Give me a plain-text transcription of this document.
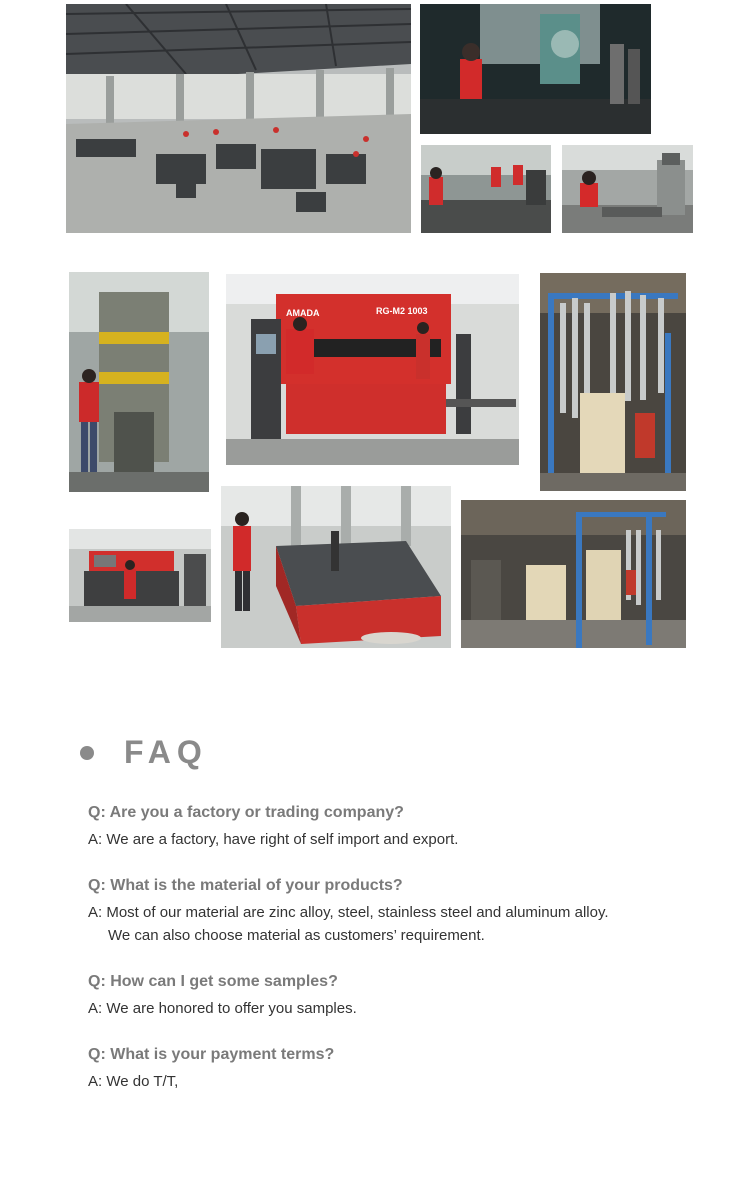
AMADA	RG-M2 1003
FAQ
Q: Are you a factory or trading company?
A: We are a factory, have right of self import and export.
Q: What is the material of your products?
A: Most of our material are zinc alloy, steel, stainless steel and aluminum alloy.
We can also choose material as customers’ requirement.
Q: How can I get some samples?
A: We are honored to offer you samples.
Q: What is your payment terms?
A: We do T/T,
